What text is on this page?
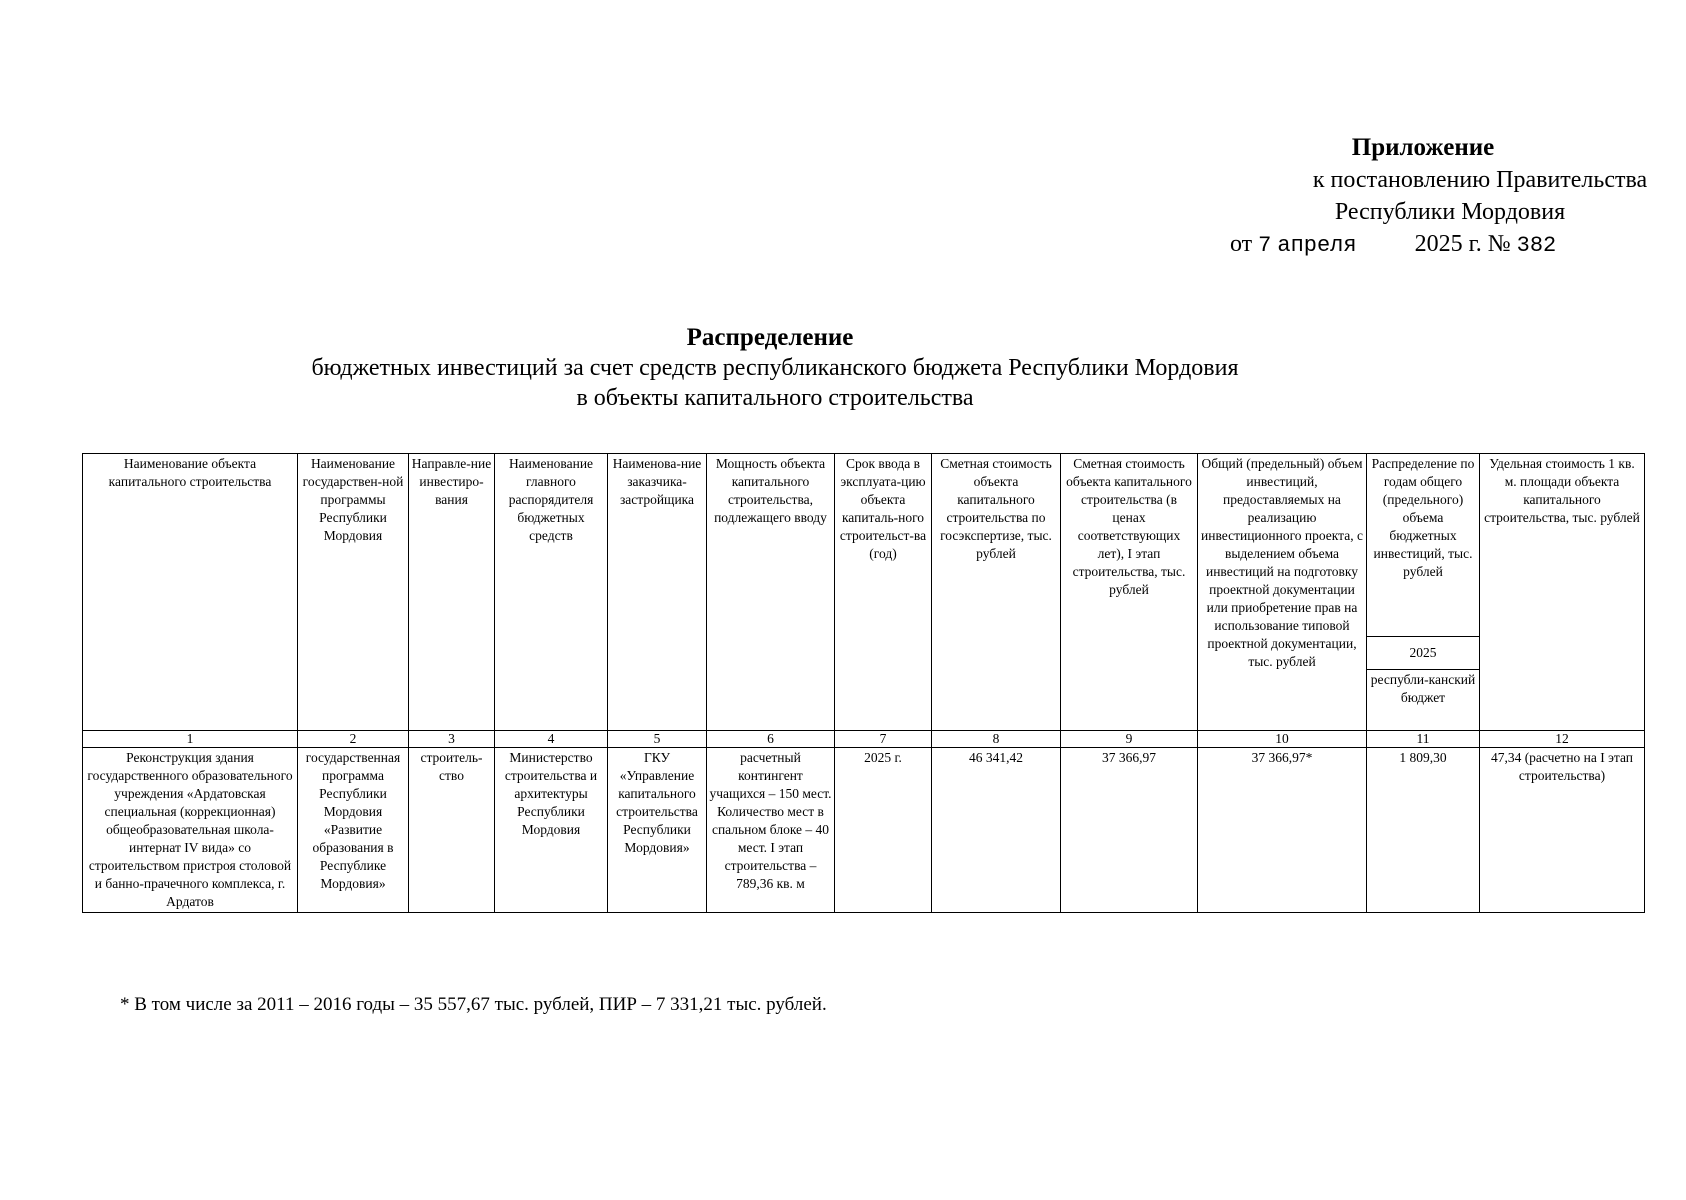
Приложение
к постановлению Правительства
Республики Мордовия
от 7 апреля 2025 г. № 382
Распределение
бюджетных инвестиций за счет средств республиканского бюджета Республики Мордовия
в объекты капитального строительства
Наименование объекта капитального строительства	Наименование государствен-ной программы Республики Мордовия	Направле-ние инвестиро-вания	Наименование главного распорядителя бюджетных средств	Наименова-ние заказчика-застройщика	Мощность объекта капитального строительства, подлежащего вводу	Срок ввода в эксплуата-цию объекта капиталь-ного строительст-ва (год)	Сметная стоимость объекта капитального строительства по госэкспертизе, тыс. рублей	Сметная стоимость объекта капитального строительства (в ценах соответствующих лет), I этап строительства, тыс. рублей	Общий (предельный) объем инвестиций, предоставляемых на реализацию инвестиционного проекта, с выделением объема инвестиций на подготовку проектной документации или приобретение прав на использование типовой проектной документации, тыс. рублей	Распределение по годам общего (предельного) объема бюджетных инвестиций, тыс. рублей	Удельная стоимость 1 кв. м. площади объекта капитального строительства, тыс. рублей
										2025	
										республи-канский бюджет	
1	2	3	4	5	6	7	8	9	10	11	12
Реконструкция здания государственного образовательного учреждения «Ардатовская специальная (коррекционная) общеобразовательная школа-интернат IV вида» со строительством пристроя столовой и банно-прачечного комплекса, г. Ардатов	государственная программа Республики Мордовия «Развитие образования в Республике Мордовия»	строитель-ство	Министерство строительства и архитектуры Республики Мордовия	ГКУ «Управление капитального строительства Республики Мордовия»	расчетный контингент учащихся – 150 мест. Количество мест в спальном блоке – 40 мест. I этап строительства – 789,36 кв. м	2025 г.	46 341,42	37 366,97	37 366,97*	1 809,30	47,34 (расчетно на I этап строительства)
* В том числе за 2011 – 2016 годы – 35 557,67 тыс. рублей, ПИР – 7 331,21 тыс. рублей.
